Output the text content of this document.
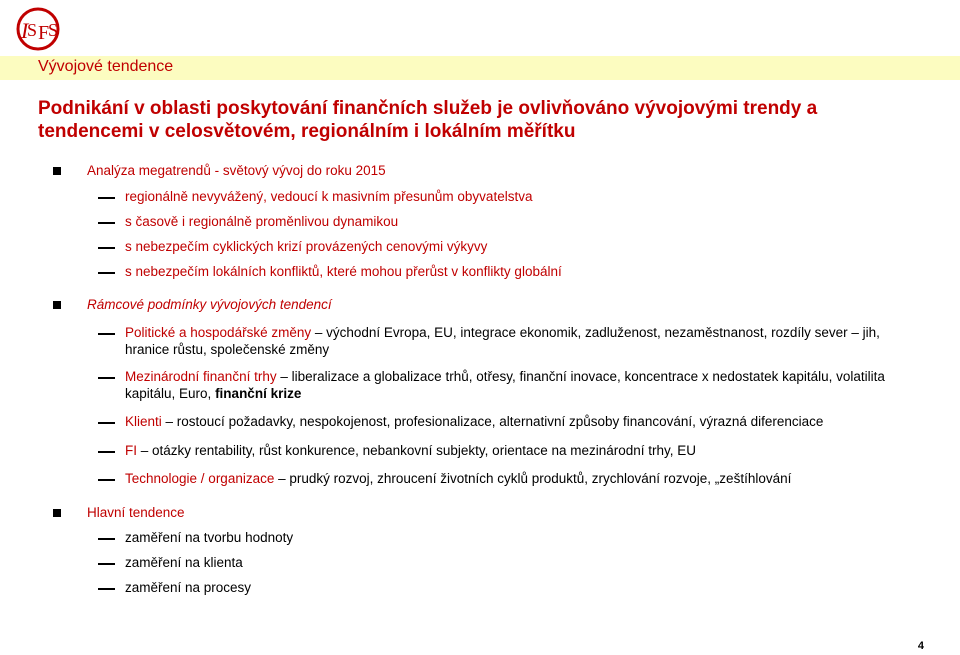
I
S F
S
Vývojové tendence
Podnikání v oblasti poskytování finančních služeb je ovlivňováno vývojovými trendy a tendencemi v celosvětovém, regionálním i lokálním měřítku
Analýza megatrendů - světový vývoj do roku 2015
regionálně nevyvážený, vedoucí k masivním přesunům obyvatelstva
s časově i regionálně proměnlivou dynamikou
s nebezpečím cyklických krizí provázených cenovými výkyvy
s nebezpečím lokálních konfliktů, které mohou přerůst v konflikty globální
Rámcové podmínky vývojových tendencí
Politické a hospodářské změny – východní Evropa, EU, integrace ekonomik, zadluženost, nezaměstnanost, rozdíly sever – jih, hranice růstu, společenské změny
Mezinárodní finanční trhy – liberalizace a globalizace trhů, otřesy, finanční inovace, koncentrace x nedostatek kapitálu, volatilita kapitálu, Euro, finanční krize
Klienti – rostoucí požadavky, nespokojenost, profesionalizace, alternativní způsoby financování, výrazná diferenciace
FI – otázky rentability, růst konkurence, nebankovní subjekty, orientace na mezinárodní trhy, EU
Technologie / organizace – prudký rozvoj, zhroucení životních cyklů produktů, zrychlování rozvoje, „zeštíhlování
Hlavní tendence
zaměření na tvorbu hodnoty
zaměření na klienta
zaměření na procesy
4
